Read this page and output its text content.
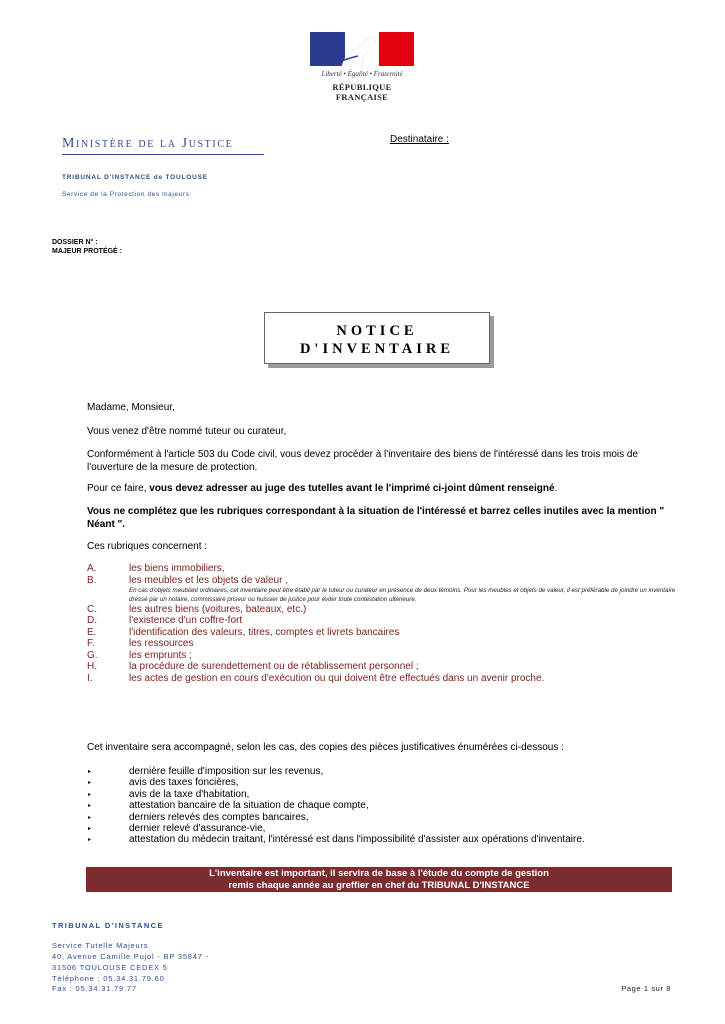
Liberté • Égalité • Fraternité
RÉPUBLIQUE FRANÇAISE
Ministère de la Justice
TRIBUNAL D'INSTANCE de TOULOUSE
Service de la Protection des majeurs
Destinataire :
DOSSIER N° :
MAJEUR PROTÉGÉ :
NOTICE
D'INVENTAIRE
Madame, Monsieur,
Vous venez d'être nommé tuteur ou curateur,
Conformément à l'article 503 du Code civil, vous devez procéder à l'inventaire des biens de l'intéressé dans les trois mois de l'ouverture de la mesure de protection.
Pour ce faire, vous devez adresser au juge des tutelles avant le l'imprimé ci-joint dûment renseigné.
Vous ne complétez que les rubriques correspondant à la situation de l'intéressé et barrez celles inutiles avec la mention " Néant ".
Ces rubriques concernent :
A.	les biens immobiliers,
B.	les meubles et les objets de valeur ,
C.	les autres biens (voitures, bateaux, etc.)
D.	l'existence d'un coffre-fort
E.	l'identification des valeurs, titres, comptes et livrets bancaires
F.	les ressources
G.	les emprunts ;
H.	la procédure de surendettement ou de rétablissement personnel ;
I.	les actes de gestion en cours d'exécution ou qui doivent être effectués dans un avenir proche.
En cas d'objets meublant ordinaires, cet inventaire peut être établi par le tuteur ou curateur en présence de deux témoins. Pour les meubles et objets de valeur, il est préférable de joindre un inventaire dressé par un notaire, commissaire priseur ou huissier de justice pour éviter toute contestation ultérieure.
Cet inventaire sera accompagné, selon les cas, des copies des pièces justificatives énumérées ci-dessous :
▸	dernière feuille d'imposition sur les revenus,
▸	avis des taxes foncières,
▸	avis de la taxe d'habitation,
▸	attestation bancaire de la situation de chaque compte,
▸	derniers relevés des comptes bancaires,
▸	dernier relevé d'assurance-vie,
▸	attestation du médecin traitant, l'intéressé est dans l'impossibilité d'assister aux opérations d'inventaire.
L'inventaire est important, il servira de base à l'étude du compte de gestion
remis chaque année au greffier en chef du TRIBUNAL D'INSTANCE
TRIBUNAL D'INSTANCE
Service Tutelle Majeurs
40, Avenue Camille Pujol - BP 35847 -
31506 TOULOUSE CEDEX 5
Téléphone : 05.34.31.79.60
Fax : 05.34.31.79.77	Page 1 sur 8
